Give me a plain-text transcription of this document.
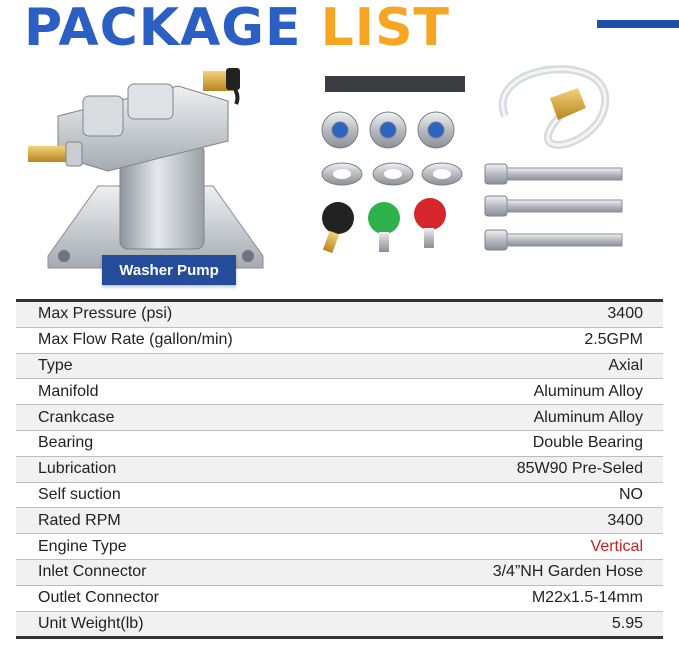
PACKAGE LIST
Washer Pump
Max Pressure (psi)	3400
Max Flow Rate (gallon/min)	2.5GPM
Type	Axial
Manifold	Aluminum Alloy
Crankcase	Aluminum Alloy
Bearing	Double Bearing
Lubrication	85W90 Pre-Seled
Self suction	NO
Rated RPM	3400
Engine Type	Vertical
Inlet Connector	3/4”NH Garden Hose
Outlet Connector	M22x1.5-14mm
Unit Weight(lb)	5.95
